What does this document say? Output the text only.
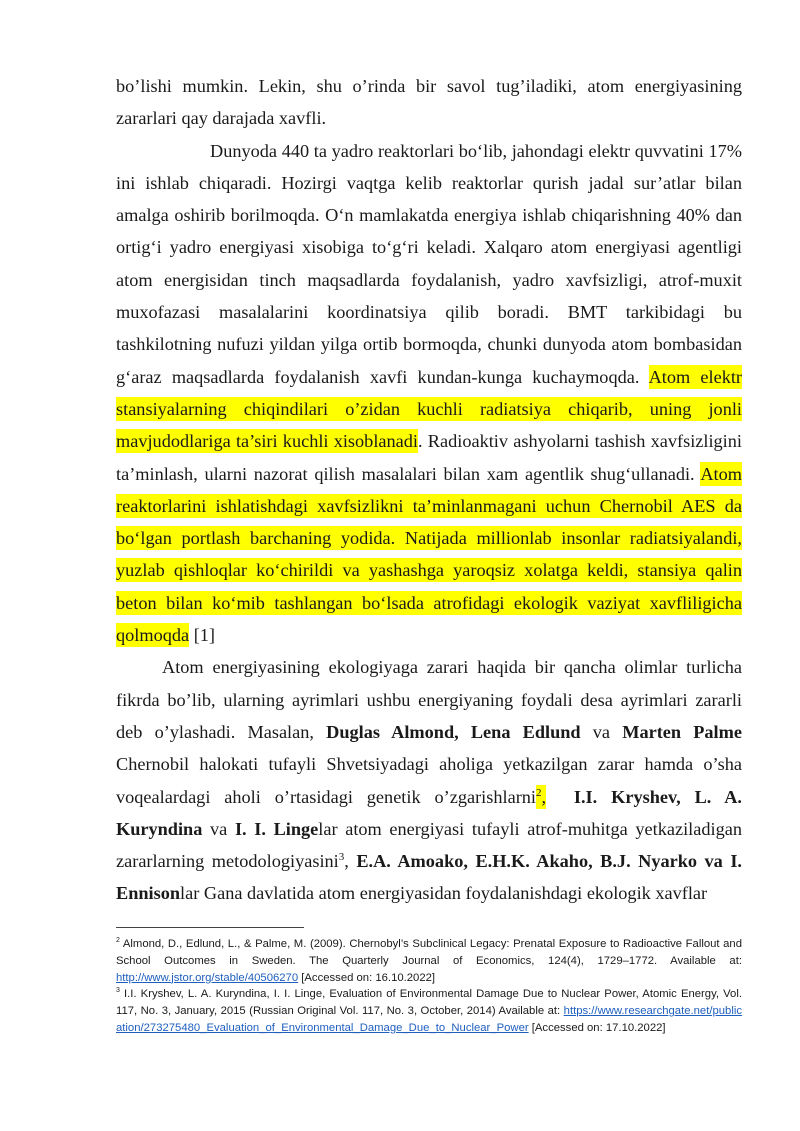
bo’lishi mumkin. Lekin, shu o’rinda bir savol tug’iladiki, atom energiyasining zararlari qay darajada xavfli.

Dunyoda 440 ta yadro reaktorlari bo‘lib, jahondagi elektr quvvatini 17% ini ishlab chiqaradi. Hozirgi vaqtga kelib reaktorlar qurish jadal sur’atlar bilan amalga oshirib borilmoqda. O‘n mamlakatda energiya ishlab chiqarishning 40% dan ortig‘i yadro energiyasi xisobiga to‘g‘ri keladi. Xalqaro atom energiyasi agentligi atom energisidan tinch maqsadlarda foydalanish, yadro xavfsizligi, atrof-muxit muxofazasi masalalarini koordinatsiya qilib boradi. BMT tarkibidagi bu tashkilotning nufuzi yildan yilga ortib bormoqda, chunki dunyoda atom bombasidan g‘araz maqsadlarda foydalanish xavfi kundan-kunga kuchaymoqda. Atom elektr stansiyalarning chiqindilari o’zidan kuchli radiatsiya chiqarib, uning jonli mavjudodlariga ta’siri kuchli xisoblanadi. Radioaktiv ashyolarni tashish xavfsizligini ta’minlash, ularni nazorat qilish masalalari bilan xam agentlik shug‘ullanadi. Atom reaktorlarini ishlatishdagi xavfsizlikni ta’minlanmagani uchun Chernobil AES da bo‘lgan portlash barchaning yodida. Natijada millionlab insonlar radiatsiyalandi, yuzlab qishloqlar ko‘chirildi va yashashga yaroqsiz xolatga keldi, stansiya qalin beton bilan ko‘mib tashlangan bo‘lsada atrofidagi ekologik vaziyat xavfliligicha qolmoqda [1]

Atom energiyasining ekologiyaga zarari haqida bir qancha olimlar turlicha fikrda bo’lib, ularning ayrimlari ushbu energiyaning foydali desa ayrimlari zararli deb o’ylashadi. Masalan, Duglas Almond, Lena Edlund va Marten Palme Chernobil halokati tufayli Shvetsiyadagi aholiga yetkazilgan zarar hamda o’sha voqealardagi aholi o’rtasidagi genetik o’zgarishlarni$^2$, I.I. Kryshev, L. A. Kuryndina va I. I. Lingelar atom energiyasi tufayli atrof-muhitga yetkaziladigan zararlarning metodologiyasini$^3$, E.A. Amoako, E.H.K. Akaho, B.J. Nyarko va I. Ennisonlar Gana davlatida atom energiyasidan foydalanishdagi ekologik xavflar

$^2$ Almond, D., Edlund, L., & Palme, M. (2009). Chernobyl’s Subclinical Legacy: Prenatal Exposure to Radioactive Fallout and School Outcomes in Sweden. The Quarterly Journal of Economics, 124(4), 1729–1772. Available at: http://www.jstor.org/stable/40506270 [Accessed on: 16.10.2022]

$^3$ I.I. Kryshev, L. A. Kuryndina, I. I. Linge, Evaluation of Environmental Damage Due to Nuclear Power, Atomic Energy, Vol. 117, No. 3, January, 2015 (Russian Original Vol. 117, No. 3, October, 2014) Available at: https://www.researchgate.net/publication/273275480_Evaluation_of_Environmental_Damage_Due_to_Nuclear_Power [Accessed on: 17.10.2022]
